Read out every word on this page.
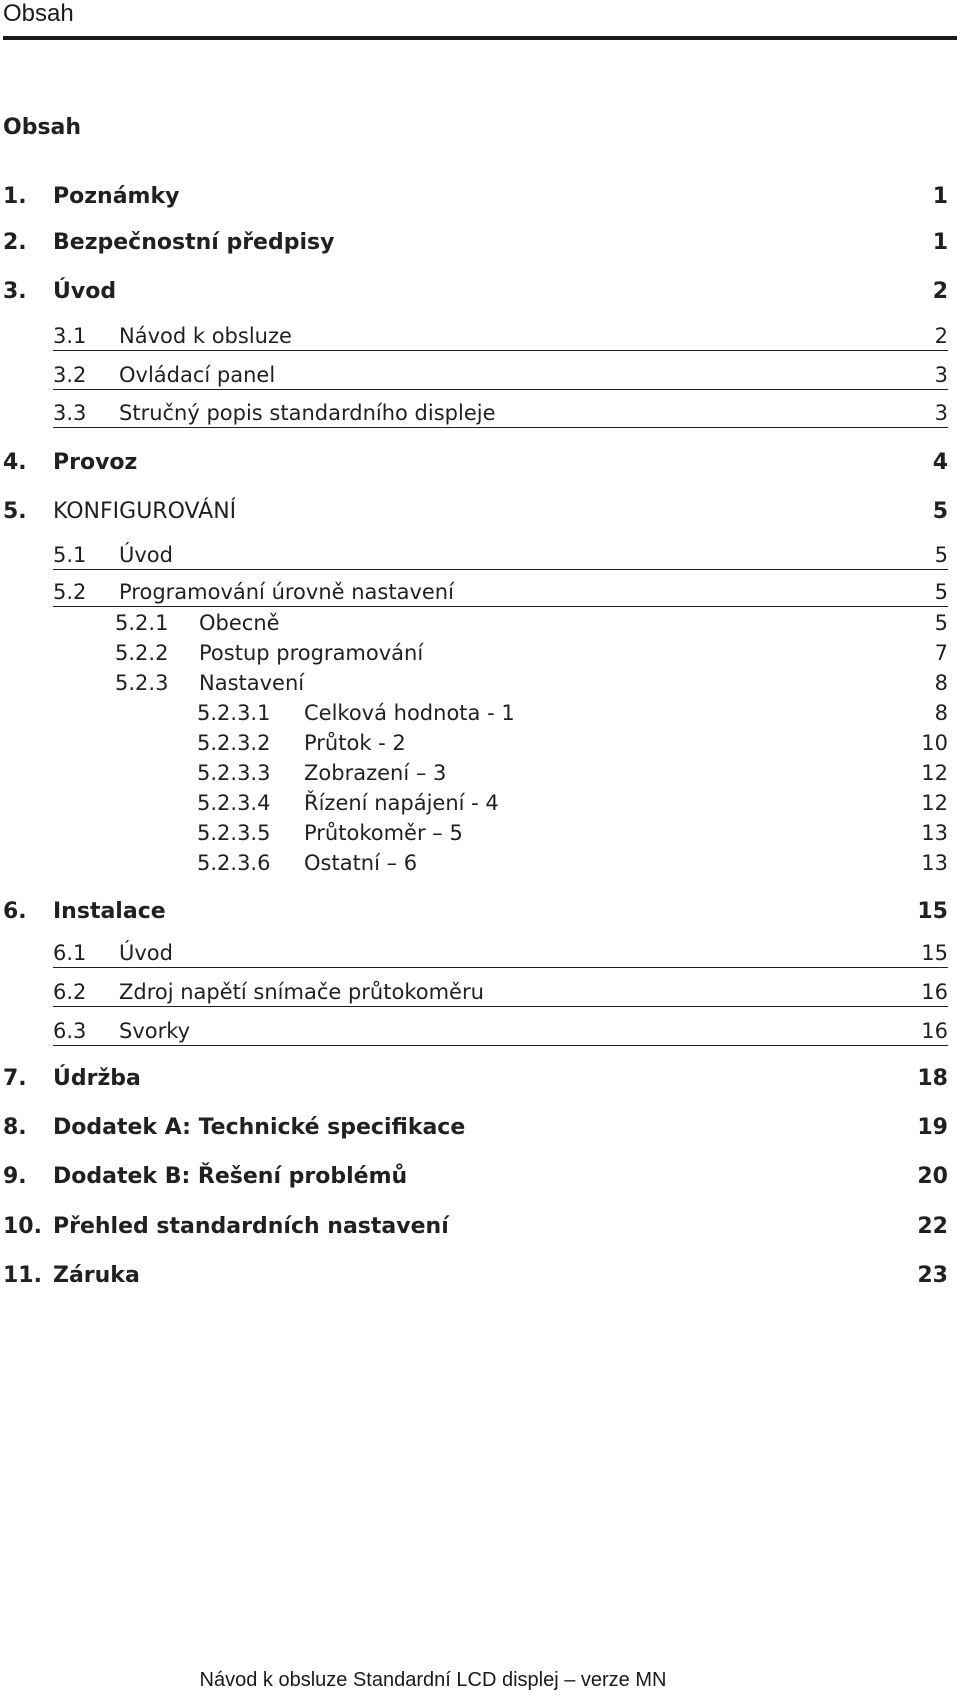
Obsah
Obsah
1. Poznámky	1
2. Bezpečnostní předpisy	1
3. Úvod	2
3.1 Návod k obsluze	2
3.2 Ovládací panel	3
3.3 Stručný popis standardního displeje	3
4. Provoz	4
5. KONFIGUROVÁNÍ	5
5.1 Úvod	5
5.2 Programování úrovně nastavení	5
5.2.1 Obecně	5
5.2.2 Postup programování	7
5.2.3 Nastavení	8
5.2.3.1 Celková hodnota - 1	8
5.2.3.2 Průtok - 2	10
5.2.3.3 Zobrazení – 3	12
5.2.3.4 Řízení napájení - 4	12
5.2.3.5 Průtokoměr – 5	13
5.2.3.6 Ostatní – 6	13
6. Instalace	15
6.1 Úvod	15
6.2 Zdroj napětí snímače průtokoměru	16
6.3 Svorky	16
7. Údržba	18
8. Dodatek A: Technické specifikace	19
9. Dodatek B: Řešení problémů	20
10. Přehled standardních nastavení	22
11. Záruka	23
Návod k obsluze Standardní LCD displej – verze MN
